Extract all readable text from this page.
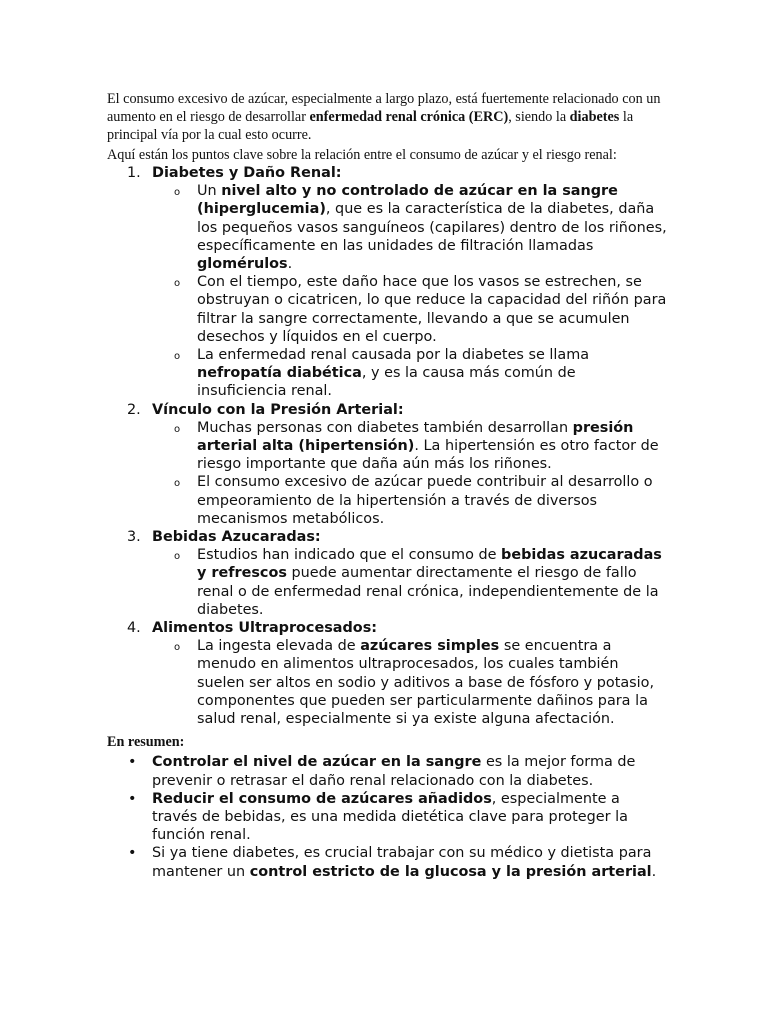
El consumo excesivo de azúcar, especialmente a largo plazo, está fuertemente relacionado con un aumento en el riesgo de desarrollar enfermedad renal crónica (ERC), siendo la diabetes la principal vía por la cual esto ocurre.

Aquí están los puntos clave sobre la relación entre el consumo de azúcar y el riesgo renal:

1. Diabetes y Daño Renal:
o Un nivel alto y no controlado de azúcar en la sangre (hiperglucemia), que es la característica de la diabetes, daña los pequeños vasos sanguíneos (capilares) dentro de los riñones, específicamente en las unidades de filtración llamadas glomérulos.
o Con el tiempo, este daño hace que los vasos se estrechen, se obstruyan o cicatricen, lo que reduce la capacidad del riñón para filtrar la sangre correctamente, llevando a que se acumulen desechos y líquidos en el cuerpo.
o La enfermedad renal causada por la diabetes se llama nefropatía diabética, y es la causa más común de insuficiencia renal.
2. Vínculo con la Presión Arterial:
o Muchas personas con diabetes también desarrollan presión arterial alta (hipertensión). La hipertensión es otro factor de riesgo importante que daña aún más los riñones.
o El consumo excesivo de azúcar puede contribuir al desarrollo o empeoramiento de la hipertensión a través de diversos mecanismos metabólicos.
3. Bebidas Azucaradas:
o Estudios han indicado que el consumo de bebidas azucaradas y refrescos puede aumentar directamente el riesgo de fallo renal o de enfermedad renal crónica, independientemente de la diabetes.
4. Alimentos Ultraprocesados:
o La ingesta elevada de azúcares simples se encuentra a menudo en alimentos ultraprocesados, los cuales también suelen ser altos en sodio y aditivos a base de fósforo y potasio, componentes que pueden ser particularmente dañinos para la salud renal, especialmente si ya existe alguna afectación.
En resumen:
• Controlar el nivel de azúcar en la sangre es la mejor forma de prevenir o retrasar el daño renal relacionado con la diabetes.
• Reducir el consumo de azúcares añadidos, especialmente a través de bebidas, es una medida dietética clave para proteger la función renal.
• Si ya tiene diabetes, es crucial trabajar con su médico y dietista para mantener un control estricto de la glucosa y la presión arterial.
